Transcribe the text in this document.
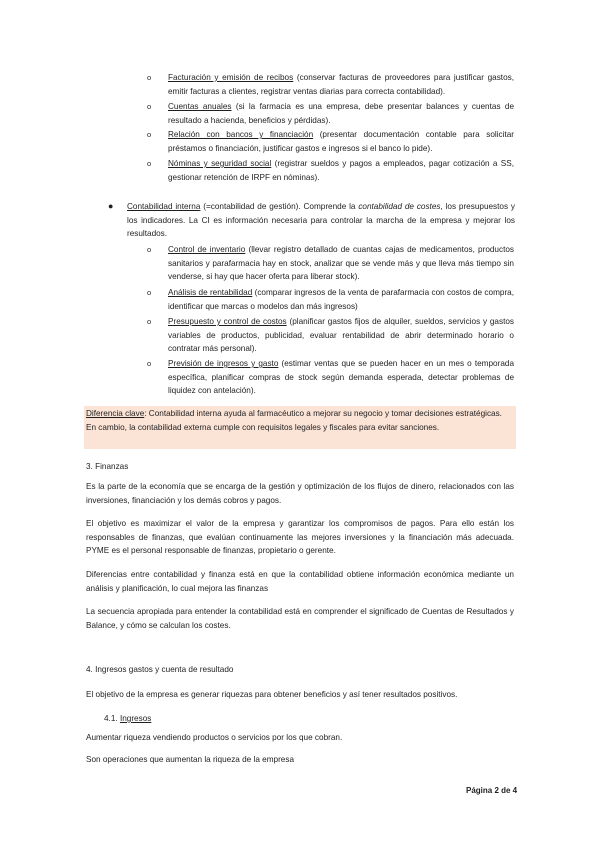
o Facturación y emisión de recibos (conservar facturas de proveedores para justificar gastos, emitir facturas a clientes, registrar ventas diarias para correcta contabilidad).
o Cuentas anuales (si la farmacia es una empresa, debe presentar balances y cuentas de resultado a hacienda, beneficios y pérdidas).
o Relación con bancos y financiación (presentar documentación contable para solicitar préstamos o financiación, justificar gastos e ingresos si el banco lo pide).
o Nóminas y seguridad social (registrar sueldos y pagos a empleados, pagar cotización a SS, gestionar retención de IRPF en nóminas).
● Contabilidad interna (=contabilidad de gestión). Comprende la contabilidad de costes, los presupuestos y los indicadores. La CI es información necesaria para controlar la marcha de la empresa y mejorar los resultados.
o Control de inventario (llevar registro detallado de cuantas cajas de medicamentos, productos sanitarios y parafarmacia hay en stock, analizar que se vende más y que lleva más tiempo sin venderse, si hay que hacer oferta para liberar stock).
o Análisis de rentabilidad (comparar ingresos de la venta de parafarmacia con costos de compra, identificar que marcas o modelos dan más ingresos)
o Presupuesto y control de costos (planificar gastos fijos de alquiler, sueldos, servicios y gastos variables de productos, publicidad, evaluar rentabilidad de abrir determinado horario o contratar más personal).
o Previsión de ingresos y gasto (estimar ventas que se pueden hacer en un mes o temporada específica, planificar compras de stock según demanda esperada, detectar problemas de liquidez con antelación).
Diferencia clave: Contabilidad interna ayuda al farmacéutico a mejorar su negocio y tomar decisiones estratégicas. En cambio, la contabilidad externa cumple con requisitos legales y fiscales para evitar sanciones.
3. Finanzas
Es la parte de la economía que se encarga de la gestión y optimización de los flujos de dinero, relacionados con las inversiones, financiación y los demás cobros y pagos.
El objetivo es maximizar el valor de la empresa y garantizar los compromisos de pagos. Para ello están los responsables de finanzas, que evalúan continuamente las mejores inversiones y la financiación más adecuada. PYME es el personal responsable de finanzas, propietario o gerente.
Diferencias entre contabilidad y finanza está en que la contabilidad obtiene información económica mediante un análisis y planificación, lo cual mejora las finanzas
La secuencia apropiada para entender la contabilidad está en comprender el significado de Cuentas de Resultados y Balance, y cómo se calculan los costes.
4. Ingresos gastos y cuenta de resultado
El objetivo de la empresa es generar riquezas para obtener beneficios y así tener resultados positivos.
4.1. Ingresos
Aumentar riqueza vendiendo productos o servicios por los que cobran.
Son operaciones que aumentan la riqueza de la empresa
Página 2 de 4
